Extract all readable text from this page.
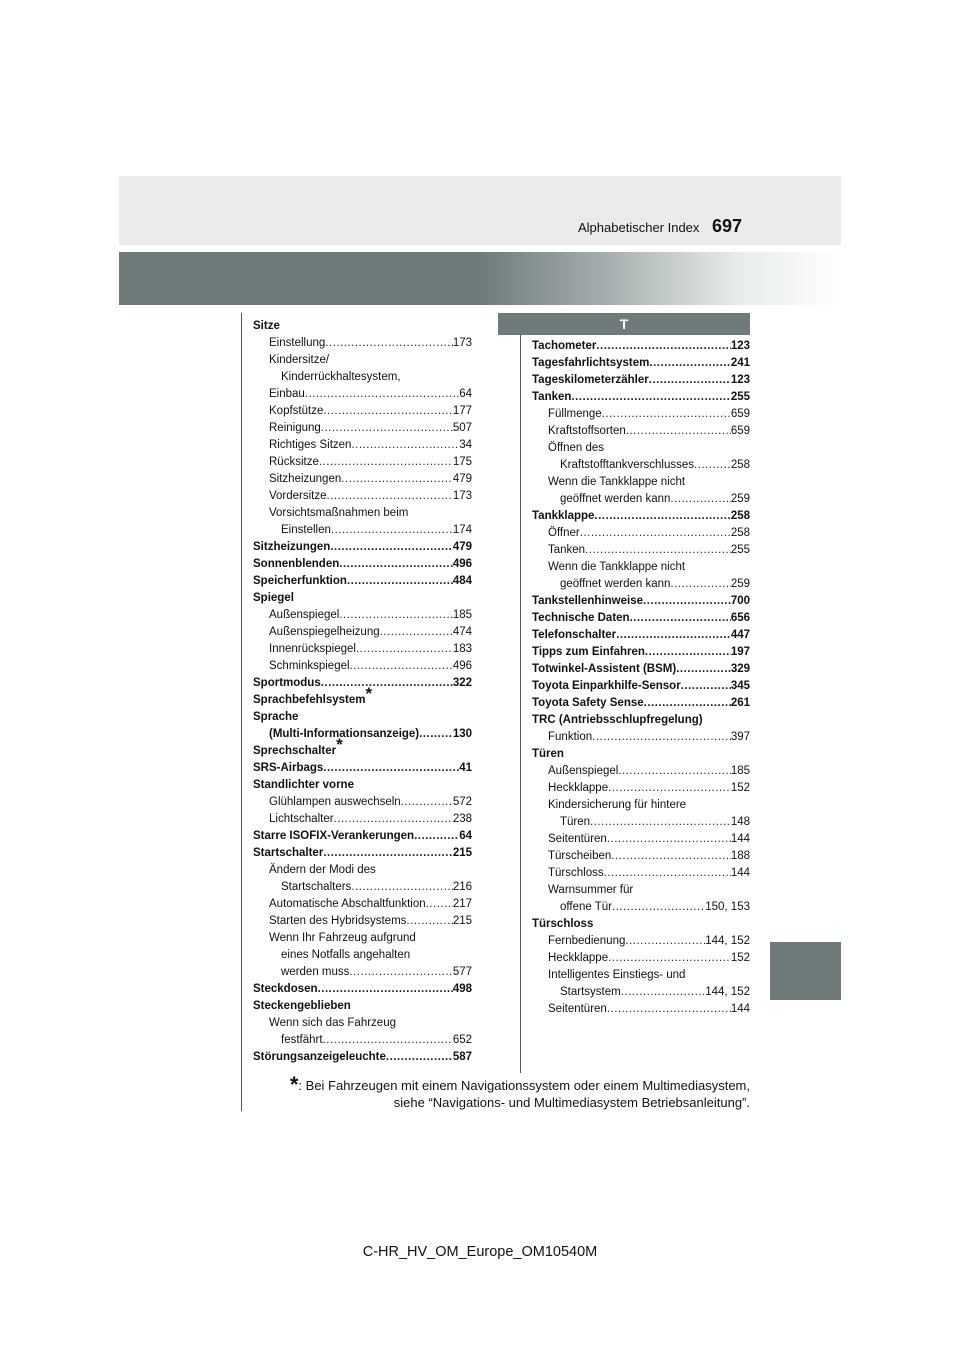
Alphabetischer Index 697
Sitze
Einstellung .....	173
Kindersitze/
Kinderrückhaltesystem,
Einbau .....	64
Kopfstütze .....	177
Reinigung .....	507
Richtiges Sitzen .....	34
Rücksitze .....	175
Sitzheizungen .....	479
Vordersitze .....	173
Vorsichtsmaßnahmen beim
Einstellen .....	174
Sitzheizungen .....	479
Sonnenblenden .....	496
Speicherfunktion .....	484
Spiegel
Außenspiegel .....	185
Außenspiegelheizung .....	474
Innenrückspiegel .....	183
Schminkspiegel .....	496
Sportmodus .....	322
Sprachbefehlsystem*
Sprache
(Multi-Informationsanzeige) .....	130
Sprechschalter*
SRS-Airbags .....	41
Standlichter vorne
Glühlampen auswechseln .....	572
Lichtschalter .....	238
Starre ISOFIX-Verankerungen .....	64
Startschalter .....	215
Ändern der Modi des
Startschalters .....	216
Automatische Abschaltfunktion ..... 217
Starten des Hybridsystems .....	215
Wenn Ihr Fahrzeug aufgrund
eines Notfalls angehalten
werden muss .....	577
Steckdosen .....	498
Steckengeblieben
Wenn sich das Fahrzeug
festfährt .....	652
Störungsanzeigeleuchte .....	587
T
Tachometer .....	123
Tagesfahrlichtsystem .....	241
Tageskilometerzähler .....	123
Tanken .....	255
Füllmenge .....	659
Kraftstoffsorten .....	659
Öffnen des
Kraftstofftankverschlusses .....	258
Wenn die Tankklappe nicht
geöffnet werden kann .....	259
Tankklappe .....	258
Öffner .....	258
Tanken .....	255
Wenn die Tankklappe nicht
geöffnet werden kann .....	259
Tankstellenhinweise .....	700
Technische Daten .....	656
Telefonschalter .....	447
Tipps zum Einfahren .....	197
Totwinkel-Assistent (BSM) .....	329
Toyota Einparkhilfe-Sensor .....	345
Toyota Safety Sense .....	261
TRC (Antriebsschlupfregelung)
Funktion .....	397
Türen
Außenspiegel .....	185
Heckklappe .....	152
Kindersicherung für hintere
Türen .....	148
Seitentüren .....	144
Türscheiben .....	188
Türschloss .....	144
Warnsummer für
offene Tür .....	150, 153
Türschloss
Fernbedienung .....	144, 152
Heckklappe .....	152
Intelligentes Einstiegs- und
Startsystem .....	144, 152
Seitentüren .....	144
*: Bei Fahrzeugen mit einem Navigationssystem oder einem Multimediasystem,
siehe “Navigations- und Multimediasystem Betriebsanleitung”.
C-HR_HV_OM_Europe_OM10540M
